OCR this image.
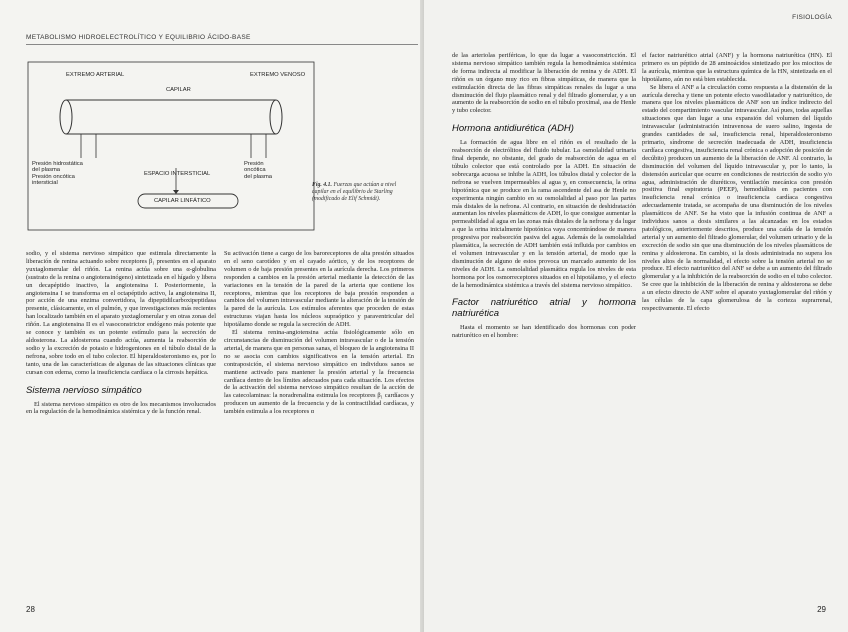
METABOLISMO HIDROELECTROLÍTICO Y EQUILIBRIO ÁCIDO-BASE
EXTREMO ARTERIAL	EXTREMO VENOSO
CAPILAR
Presión hidrostática
del plasma
Presión oncótica
intersticial
Presión
oncótica
del plasma
ESPACIO INTERSTICIAL
CAPILAR LINFÁTICO
Fig. 4.1. Fuerzas que actúan a nivel capilar en el equilibrio de Starling (modificado de Elif Schmidt).

sodio, y el sistema nervioso simpático que estimula directamente la liberación de renina actuando sobre receptores β₁ presentes en el aparato yuxtaglomerular del riñón. La renina actúa sobre una α-globulina (sustrato de la renina o angiotensinógeno) sintetizada en el hígado y libera un decapéptido inactivo, la angiotensina I. Posteriormente, la angiotensina I se transforma en el octapéptido activo, la angiotensina II, por acción de una enzima convertidora, la dipeptidilcarboxipeptidasa presente, clásicamente, en el pulmón, y que investigaciones más recientes han localizado también en el aparato yuxtaglomerular y en otras zonas del riñón. La angiotensina II es el vasoconstrictor endógeno más potente que se conoce y también es un potente estímulo para la secreción de aldosterona. La aldosterona cuando actúa, aumenta la reabsorción de sodio y la excreción de potasio e hidrogeniones en el túbulo distal de la nefrona, sobre todo en el tubo colector. El hiperaldosteronismo es, por lo tanto, una de las características de algunas de las situaciones clínicas que cursan con edema, como la insuficiencia cardíaca o la cirrosis hepática.

Sistema nervioso simpático

El sistema nervioso simpático es otro de los mecanismos involucrados en la regulación de la hemodinámica sistémica y de la función renal.

Su activación tiene a cargo de los baroreceptores de alta presión situados en el seno carotídeo y en el cayado aórtico, y de los receptores de volumen o de baja presión presentes en la aurícula derecha. Los primeros responden a cambios en la presión arterial mediante la detección de las variaciones en la tensión de la pared de la arteria que contiene los receptores, mientras que los receptores de baja presión responden a cambios del volumen intravascular mediante la alteración de la tensión de la pared de la aurícula. Los estímulos aferentes que proceden de estas estructuras viajan hasta los núcleos supraóptico y paraventricular del hipotálamo donde se regula la secreción de ADH.

El sistema renina-angiotensina actúa fisiológicamente sólo en circunstancias de disminución del volumen intravascular o de la tensión arterial, de manera que en personas sanas, el bloqueo de la angiotensina II no se asocia con cambios significativos en la tensión arterial. En contraposición, el sistema nervioso simpático en individuos sanos se mantiene activado para mantener la presión arterial y la frecuencia cardíaca dentro de los límites adecuados para cada situación. Los efectos de la activación del sistema nervioso simpático resultan de la acción de las catecolaminas: la noradrenalina estimula los receptores β₁ cardíacos y producen un aumento de la frecuencia y de la contractilidad cardíacas, y también estimula a los receptores α

28
FISIOLOGÍA

de las arteriolas periféricas, lo que da lugar a vasoconstricción. El sistema nervioso simpático también regula la hemodinámica sistémica de forma indirecta al modificar la liberación de renina y de ADH. El riñón es un órgano muy rico en fibras simpáticas, de manera que la estimulación directa de las fibras simpáticas renales da lugar a una disminución del flujo plasmático renal y del filtrado glomerular, y a un aumento de la reabsorción de sodio en el túbulo proximal, asa de Henle y tubo colector.

Hormona antidiurética (ADH)

La formación de agua libre en el riñón es el resultado de la reabsorción de electrólitos del fluido tubular. La osmolalidad urinaria final depende, no obstante, del grado de reabsorción de agua en el túbulo colector que está controlado por la ADH. En situación de sobrecarga acuosa se inhibe la ADH, los túbulos distal y colector de la nefrona se vuelven impermeables al agua y, en consecuencia, la orina hipotónica que se produce en la rama ascendente del asa de Henle no experimenta ningún cambio en su osmolalidad al paso por las partes más distales de la nefrona. Al contrario, en situación de deshidratación aumentan los niveles plasmáticos de ADH, lo que consigue aumentar la permeabilidad al agua en las zonas más distales de la nefrona y da lugar a que la orina inicialmente hipotónica vaya concentrándose de manera progresiva por reabsorción pasiva del agua. Además de la osmolalidad plasmática, la secreción de ADH también está influida por cambios en el volumen intravascular y en la tensión arterial, de modo que la disminución de alguno de estos provoca un marcado aumento de los niveles de ADH. La osmolalidad plasmática regula los niveles de esta hormona por los osmorreceptores situados en el hipotálamo, y el efecto de la hemodinámica sistémica a través del sistema nervioso simpático.

Factor natriurético atrial y hormona natriurética

Hasta el momento se han identificado dos hormonas con poder natriurético en el hombre:

el factor natriurético atrial (ANF) y la hormona natriurética (HN). El primero es un péptido de 28 aminoácidos sintetizado por los miocitos de la aurícula, mientras que la estructura química de la HN, sintetizada en el hipotálamo, aún no está bien establecida.

Se libera el ANF a la circulación como respuesta a la distensión de la aurícula derecha y tiene un potente efecto vasodilatador y natriurético, de manera que los niveles plasmáticos de ANF son un índice indirecto del estado del compartimiento vascular intravascular. Así pues, todas aquellas situaciones que dan lugar a una expansión del volumen del líquido intravascular (administración intravenosa de suero salino, ingesta de grandes cantidades de sal, insuficiencia renal, hiperaldosteronismo primario, síndrome de secreción inadecuada de ADH, insuficiencia cardíaca congestiva, insuficiencia renal crónica o adopción de posición de decúbito) producen un aumento de la liberación de ANF. Al contrario, la disminución del volumen del líquido intravascular y, por lo tanto, la distensión auricular que ocurre en condiciones de restricción de sodio y/o agua, administración de diuréticos, ventilación mecánica con presión positiva final espiratoria (PEEP), hemodiálisis en pacientes con insuficiencia renal crónica o insuficiencia cardíaca congestiva adecuadamente tratada, se acompaña de una disminución de los niveles plasmáticos de ANF. Se ha visto que la infusión continua de ANF a individuos sanos a dosis similares a las alcanzadas en los estados patológicos, anteriormente descritos, produce una caída de la tensión arterial y un aumento del filtrado glomerular, del volumen urinario y de la excreción de sodio sin que una disminución de los niveles plasmáticos de renina y aldosterona. En cambio, si la dosis administrada no supera los niveles altos de la normalidad, el efecto sobre la tensión arterial no se produce. El efecto natriurético del ANF se debe a un aumento del filtrado glomerular y a la inhibición de la reabsorción de sodio en el tubo colector. Se cree que la inhibición de la liberación de renina y aldosterona se debe a un efecto directo de ANF sobre el aparato yuxtaglomerular del riñón y las células de la capa glomerulosa de la corteza suprarrenal, respectivamente. El efecto

29
